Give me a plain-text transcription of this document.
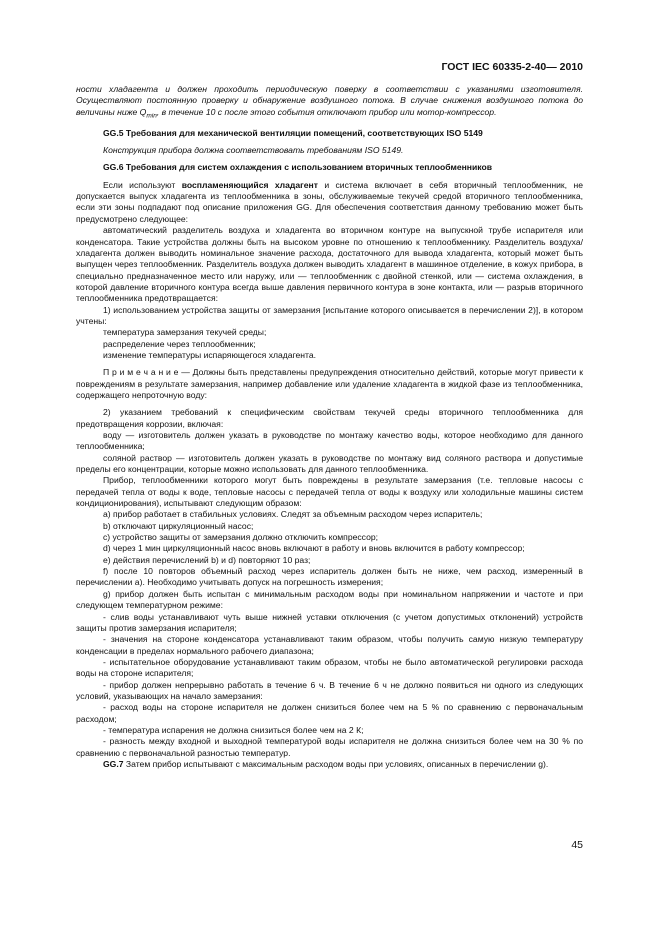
ГОСТ IEC 60335-2-40— 2010

ности хладагента и должен проходить периодическую поверку в соответствии с указаниями изготовителя. Осуществляют постоянную проверку и обнаружение воздушного потока. В случае снижения воздушного потока до величины ниже $Q_{min}$, в течение 10 с после этого события отключают прибор или мотор-компрессор.

GG.5 Требования для механической вентиляции помещений, соответствующих ISO 5149

Конструкция прибора должна соответствовать требованиям ISO 5149.

GG.6 Требования для систем охлаждения с использованием вторичных теплообменников

Если используют воспламеняющийся хладагент и система включает в себя вторичный теплообменник, не допускается выпуск хладагента из теплообменника в зоны, обслуживаемые текучей средой вторичного теплообменника, если эти зоны подпадают под описание приложения GG. Для обеспечения соответствия данному требованию может быть предусмотрено следующее:

автоматический разделитель воздуха и хладагента во вторичном контуре на выпускной трубе испарителя или конденсатора. Такие устройства должны быть на высоком уровне по отношению к теплообменнику. Разделитель воздуха/хладагента должен выводить номинальное значение расхода, достаточного для вывода хладагента, который может быть выпущен через теплообменник. Разделитель воздуха должен выводить хладагент в машинное отделение, в кожух прибора, в специально предназначенное место или наружу, или — теплообменник с двойной стенкой, или — система охлаждения, в которой давление вторичного контура всегда выше давления первичного контура в зоне контакта, или — разрыв вторичного теплообменника предотвращается:

1) использованием устройства защиты от замерзания [испытание которого описывается в перечислении 2)], в котором учтены:

температура замерзания текучей среды;

распределение через теплообменник;

изменение температуры испаряющегося хладагента.

П р и м е ч а н и е — Должны быть представлены предупреждения относительно действий, которые могут привести к повреждениям в результате замерзания, например добавление или удаление хладагента в жидкой фазе из теплообменника, содержащего непроточную воду:

2) указанием требований к специфическим свойствам текучей среды вторичного теплообменника для предотвращения коррозии, включая:

воду — изготовитель должен указать в руководстве по монтажу качество воды, которое необходимо для данного теплообменника;

соляной раствор — изготовитель должен указать в руководстве по монтажу вид соляного раствора и допустимые пределы его концентрации, которые можно использовать для данного теплообменника.

Прибор, теплообменники которого могут быть повреждены в результате замерзания (т.е. тепловые насосы с передачей тепла от воды к воде, тепловые насосы с передачей тепла от воды к воздуху или холодильные машины систем кондиционирования), испытывают следующим образом:

a) прибор работает в стабильных условиях. Следят за объемным расходом через испаритель;

b) отключают циркуляционный насос;

c) устройство защиты от замерзания должно отключить компрессор;

d) через 1 мин циркуляционный насос вновь включают в работу и вновь включится в работу компрессор;

e) действия перечислений b) и d) повторяют 10 раз;

f) после 10 повторов объемный расход через испаритель должен быть не ниже, чем расход, измеренный в перечислении a). Необходимо учитывать допуск на погрешность измерения;

g) прибор должен быть испытан с минимальным расходом воды при номинальном напряжении и частоте и при следующем температурном режиме:

- слив воды устанавливают чуть выше нижней уставки отключения (с учетом допустимых отклонений) устройств защиты против замерзания испарителя;

- значения на стороне конденсатора устанавливают таким образом, чтобы получить самую низкую температуру конденсации в пределах нормального рабочего диапазона;

- испытательное оборудование устанавливают таким образом, чтобы не было автоматической регулировки расхода воды на стороне испарителя;

- прибор должен непрерывно работать в течение 6 ч. В течение 6 ч не должно появиться ни одного из следующих условий, указывающих на начало замерзания:

- расход воды на стороне испарителя не должен снизиться более чем на 5 % по сравнению с первоначальным расходом;

- температура испарения не должна снизиться более чем на 2 К;

- разность между входной и выходной температурой воды испарителя не должна снизиться более чем на 30 % по сравнению с первоначальной разностью температур.

GG.7 Затем прибор испытывают с максимальным расходом воды при условиях, описанных в перечислении g).

45
